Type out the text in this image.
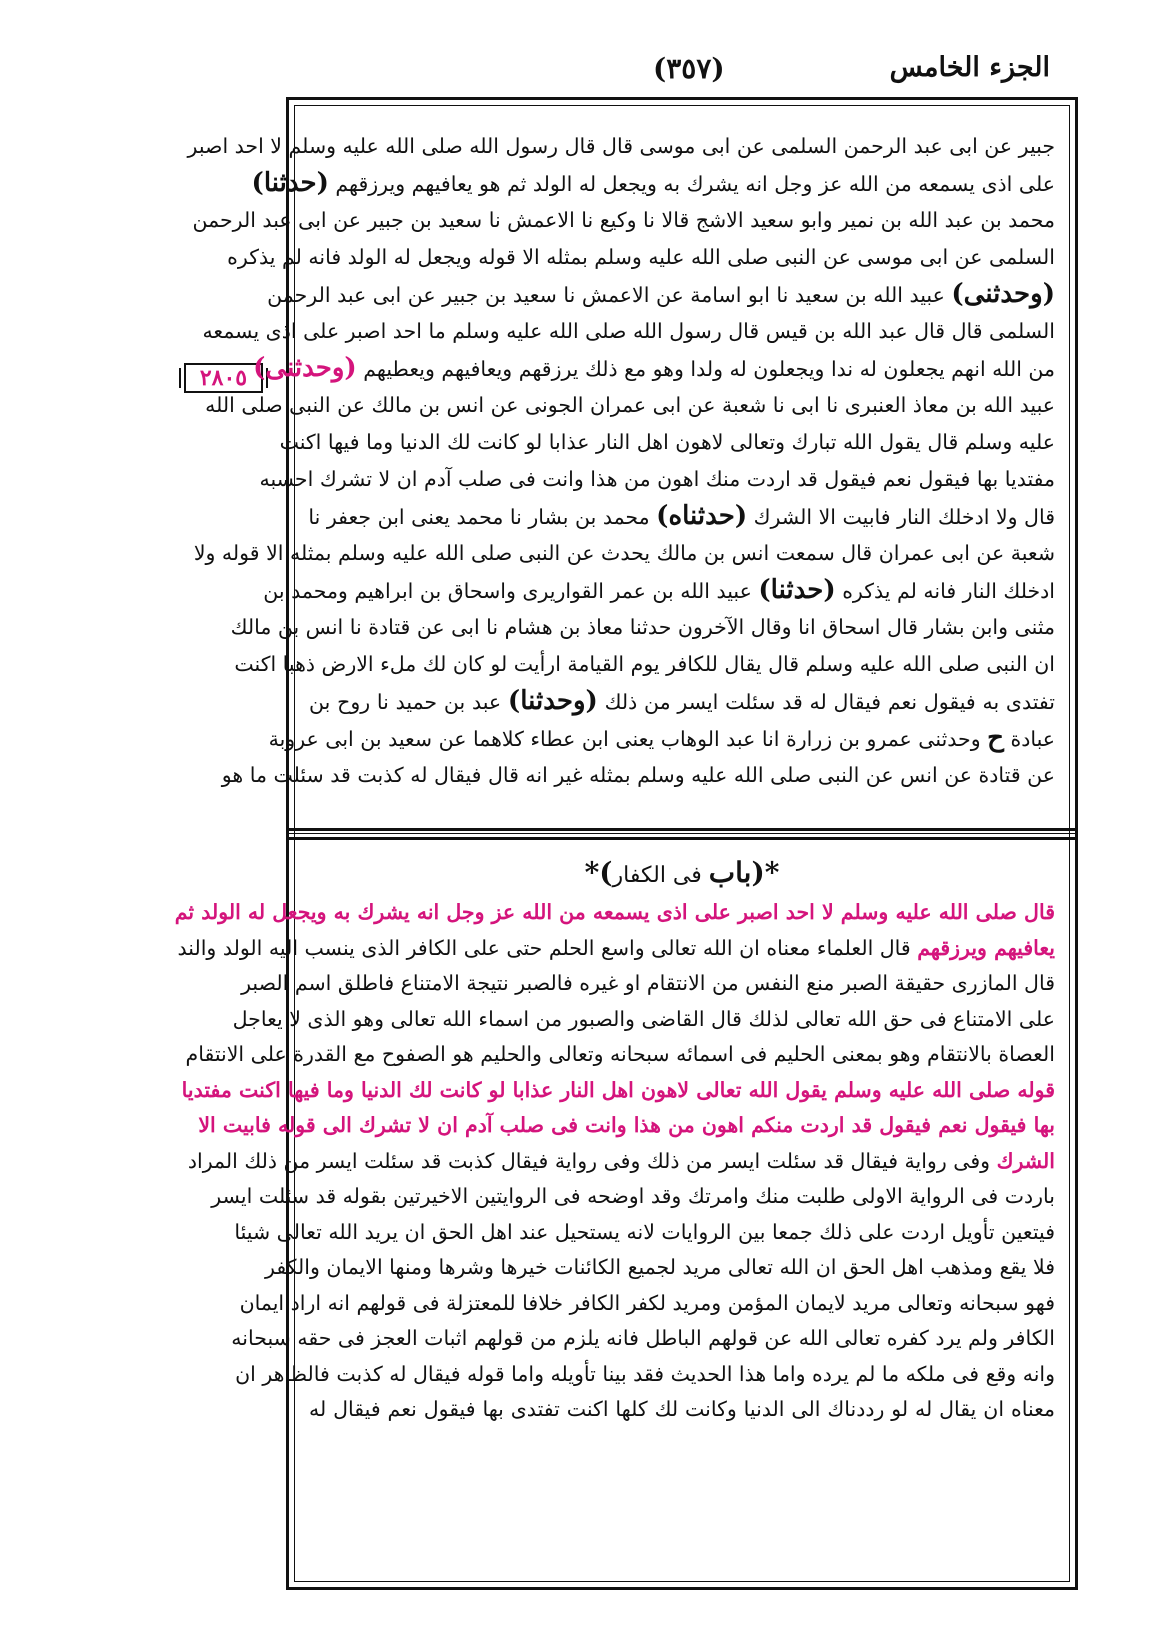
الجزء الخامس
(٣٥٧)
٢٨٠٥
جبير عن ابى عبد الرحمن السلمى عن ابى موسى قال قال رسول الله صلى الله عليه وسلم لا احد اصبر
على اذى يسمعه من الله عز وجل انه يشرك به ويجعل له الولد ثم هو يعافيهم ويرزقهم (حدثنا)
محمد بن عبد الله بن نمير وابو سعيد الاشج قالا نا وكيع نا الاعمش نا سعيد بن جبير عن ابى عبد الرحمن
السلمى عن ابى موسى عن النبى صلى الله عليه وسلم بمثله الا قوله ويجعل له الولد فانه لم يذكره
(وحدثنى) عبيد الله بن سعيد نا ابو اسامة عن الاعمش نا سعيد بن جبير عن ابى عبد الرحمن
السلمى قال قال عبد الله بن قيس قال رسول الله صلى الله عليه وسلم ما احد اصبر على اذى يسمعه
من الله انهم يجعلون له ندا ويجعلون له ولدا وهو مع ذلك يرزقهم ويعافيهم ويعطيهم (وحدثنى)
عبيد الله بن معاذ العنبرى نا ابى نا شعبة عن ابى عمران الجونى عن انس بن مالك عن النبى صلى الله
عليه وسلم قال يقول الله تبارك وتعالى لاهون اهل النار عذابا لو كانت لك الدنيا وما فيها اكنت
مفتديا بها فيقول نعم فيقول قد اردت منك اهون من هذا وانت فى صلب آدم ان لا تشرك احسبه
قال ولا ادخلك النار فابيت الا الشرك (حدثناه) محمد بن بشار نا محمد يعنى ابن جعفر نا
شعبة عن ابى عمران قال سمعت انس بن مالك يحدث عن النبى صلى الله عليه وسلم بمثله الا قوله ولا
ادخلك النار فانه لم يذكره (حدثنا) عبيد الله بن عمر القواريرى واسحاق بن ابراهيم ومحمد بن
مثنى وابن بشار قال اسحاق انا وقال الآخرون حدثنا معاذ بن هشام نا ابى عن قتادة نا انس بن مالك
ان النبى صلى الله عليه وسلم قال يقال للكافر يوم القيامة ارأيت لو كان لك ملء الارض ذهبا اكنت
تفتدى به فيقول نعم فيقال له قد سئلت ايسر من ذلك (وحدثنا) عبد بن حميد نا روح بن
عبادة ح وحدثنى عمرو بن زرارة انا عبد الوهاب يعنى ابن عطاء كلاهما عن سعيد بن ابى عروبة
عن قتادة عن انس عن النبى صلى الله عليه وسلم بمثله غير انه قال فيقال له كذبت قد سئلت ما هو
*(باب فى الكفار)*
قال صلى الله عليه وسلم لا احد اصبر على اذى يسمعه من الله عز وجل انه يشرك به ويجعل له الولد ثم
يعافيهم ويرزقهم قال العلماء معناه ان الله تعالى واسع الحلم حتى على الكافر الذى ينسب اليه الولد والند
قال المازرى حقيقة الصبر منع النفس من الانتقام او غيره فالصبر نتيجة الامتناع فاطلق اسم الصبر
على الامتناع فى حق الله تعالى لذلك قال القاضى والصبور من اسماء الله تعالى وهو الذى لا يعاجل
العصاة بالانتقام وهو بمعنى الحليم فى اسمائه سبحانه وتعالى والحليم هو الصفوح مع القدرة على الانتقام
قوله صلى الله عليه وسلم يقول الله تعالى لاهون اهل النار عذابا لو كانت لك الدنيا وما فيها اكنت مفتديا
بها فيقول نعم فيقول قد اردت منكم اهون من هذا وانت فى صلب آدم ان لا تشرك الى قوله فابيت الا
الشرك وفى رواية فيقال قد سئلت ايسر من ذلك وفى رواية فيقال كذبت قد سئلت ايسر من ذلك المراد
باردت فى الرواية الاولى طلبت منك وامرتك وقد اوضحه فى الروايتين الاخيرتين بقوله قد سئلت ايسر
فيتعين تأويل اردت على ذلك جمعا بين الروايات لانه يستحيل عند اهل الحق ان يريد الله تعالى شيئا
فلا يقع ومذهب اهل الحق ان الله تعالى مريد لجميع الكائنات خيرها وشرها ومنها الايمان والكفر
فهو سبحانه وتعالى مريد لايمان المؤمن ومريد لكفر الكافر خلافا للمعتزلة فى قولهم انه اراد ايمان
الكافر ولم يرد كفره تعالى الله عن قولهم الباطل فانه يلزم من قولهم اثبات العجز فى حقه سبحانه
وانه وقع فى ملكه ما لم يرده واما هذا الحديث فقد بينا تأويله واما قوله فيقال له كذبت فالظاهر ان
معناه ان يقال له لو رددناك الى الدنيا وكانت لك كلها اكنت تفتدى بها فيقول نعم فيقال له
